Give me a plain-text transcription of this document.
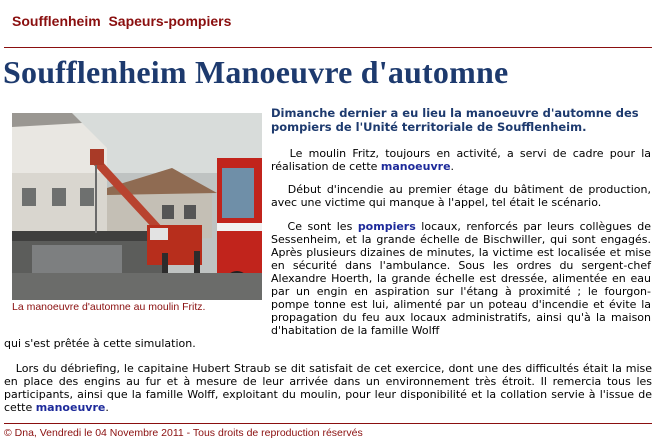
Soufflenheim  Sapeurs-pompiers
Soufflenheim Manoeuvre d'automne
La manoeuvre d'automne au moulin Fritz.

Dimanche dernier a eu lieu la manoeuvre d'automne des pompiers de l'Unité territoriale de Soufflenheim.

Le moulin Fritz, toujours en activité, a servi de cadre pour la réalisation de cette manoeuvre.

Début d'incendie au premier étage du bâtiment de production, avec une victime qui manque à l'appel, tel était le scénario.

Ce sont les pompiers locaux, renforcés par leurs collègues de Sessenheim, et la grande échelle de Bischwiller, qui sont engagés. Après plusieurs dizaines de minutes, la victime est localisée et mise en sécurité dans l'ambulance. Sous les ordres du sergent-chef Alexandre Hoerth, la grande échelle est dressée, alimentée en eau par un engin en aspiration sur l'étang à proximité ; le fourgon-pompe tonne est lui, alimenté par un poteau d'incendie et évite la propagation du feu aux locaux administratifs, ainsi qu'à la maison d'habitation de la famille Wolff

qui s'est prêtée à cette simulation.

Lors du débriefing, le capitaine Hubert Straub se dit satisfait de cet exercice, dont une des difficultés était la mise en place des engins au fur et à mesure de leur arrivée dans un environnement très étroit. Il remercia tous les participants, ainsi que la famille Wolff, exploitant du moulin, pour leur disponibilité et la collation servie à l'issue de cette manoeuvre.

© Dna, Vendredi le 04 Novembre 2011 - Tous droits de reproduction réservés
